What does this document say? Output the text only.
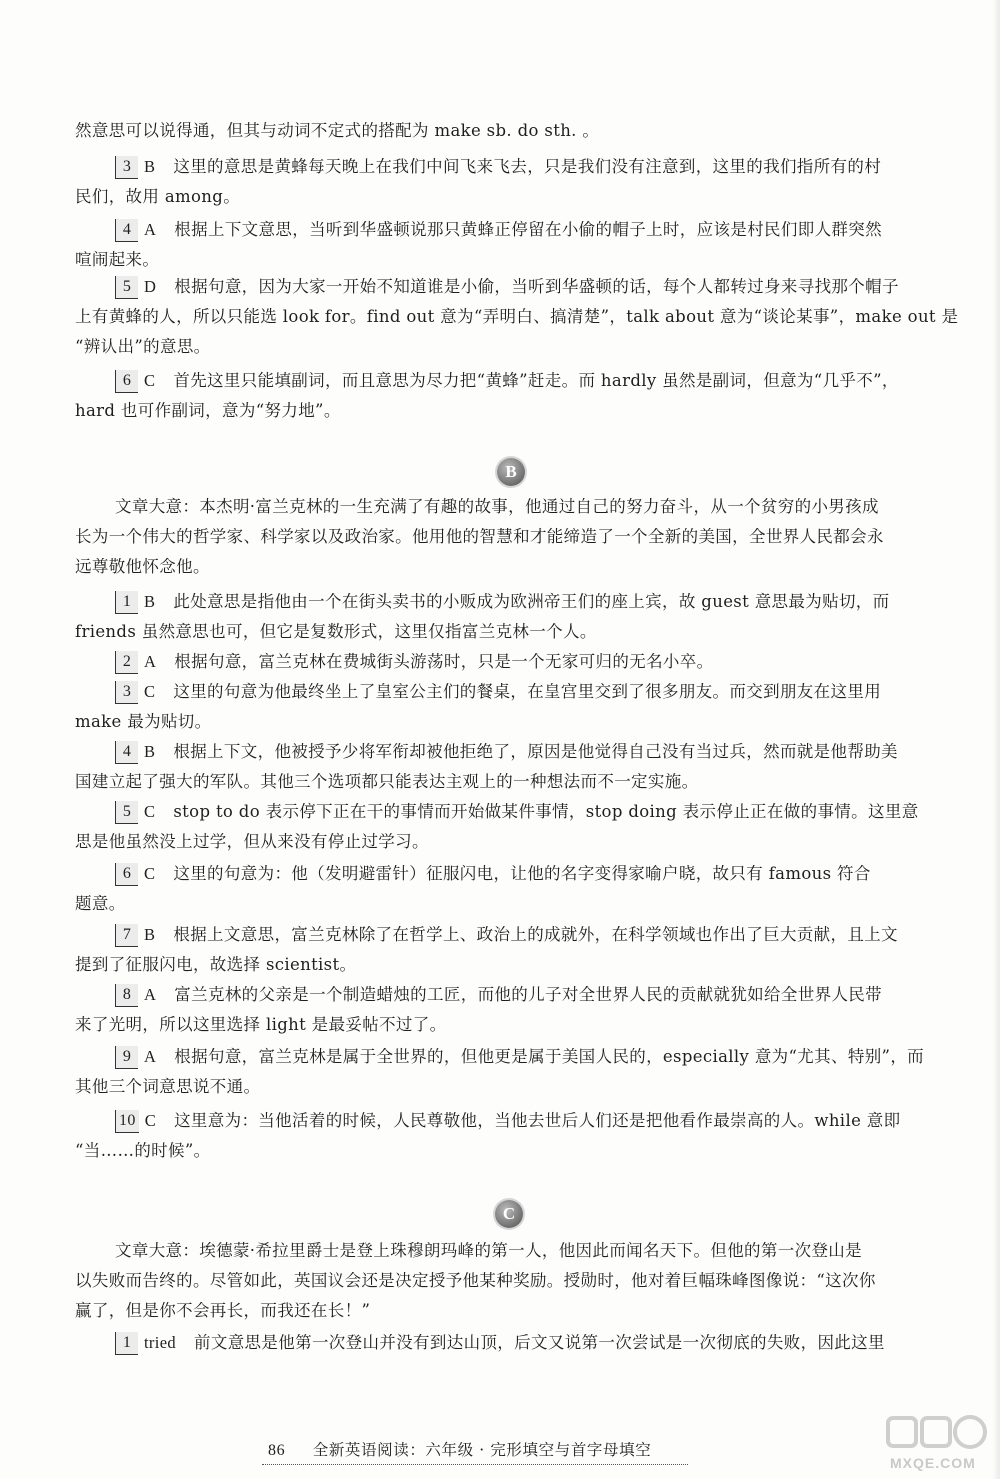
然意思可以说得通，但其与动词不定式的搭配为 make sb. do sth. 。
3 B 这里的意思是黄蜂每天晚上在我们中间飞来飞去，只是我们没有注意到，这里的我们指所有的村
民们，故用 among。
4 A 根据上下文意思，当听到华盛顿说那只黄蜂正停留在小偷的帽子上时，应该是村民们即人群突然
喧闹起来。
5 D 根据句意，因为大家一开始不知道谁是小偷，当听到华盛顿的话，每个人都转过身来寻找那个帽子
上有黄蜂的人，所以只能选 look for。find out 意为“弄明白、搞清楚”，talk about 意为“谈论某事”，make out 是
“辨认出”的意思。
6 C 首先这里只能填副词，而且意思为尽力把“黄蜂”赶走。而 hardly 虽然是副词，但意为“几乎不”，
hard 也可作副词，意为“努力地”。
B
文章大意：本杰明·富兰克林的一生充满了有趣的故事，他通过自己的努力奋斗，从一个贫穷的小男孩成
长为一个伟大的哲学家、科学家以及政治家。他用他的智慧和才能缔造了一个全新的美国，全世界人民都会永
远尊敬他怀念他。
1 B 此处意思是指他由一个在街头卖书的小贩成为欧洲帝王们的座上宾，故 guest 意思最为贴切，而
friends 虽然意思也可，但它是复数形式，这里仅指富兰克林一个人。
2 A 根据句意，富兰克林在费城街头游荡时，只是一个无家可归的无名小卒。
3 C 这里的句意为他最终坐上了皇室公主们的餐桌，在皇宫里交到了很多朋友。而交到朋友在这里用
make 最为贴切。
4 B 根据上下文，他被授予少将军衔却被他拒绝了，原因是他觉得自己没有当过兵，然而就是他帮助美
国建立起了强大的军队。其他三个选项都只能表达主观上的一种想法而不一定实施。
5 C stop to do 表示停下正在干的事情而开始做某件事情，stop doing 表示停止正在做的事情。这里意
思是他虽然没上过学，但从来没有停止过学习。
6 C 这里的句意为：他（发明避雷针）征服闪电，让他的名字变得家喻户晓，故只有 famous 符合
题意。
7 B 根据上文意思，富兰克林除了在哲学上、政治上的成就外，在科学领域也作出了巨大贡献，且上文
提到了征服闪电，故选择 scientist。
8 A 富兰克林的父亲是一个制造蜡烛的工匠，而他的儿子对全世界人民的贡献就犹如给全世界人民带
来了光明，所以这里选择 light 是最妥帖不过了。
9 A 根据句意，富兰克林是属于全世界的，但他更是属于美国人民的，especially 意为“尤其、特别”，而
其他三个词意思说不通。
10 C 这里意为：当他活着的时候，人民尊敬他，当他去世后人们还是把他看作最崇高的人。while 意即
“当……的时候”。
C
文章大意：埃德蒙·希拉里爵士是登上珠穆朗玛峰的第一人，他因此而闻名天下。但他的第一次登山是
以失败而告终的。尽管如此，英国议会还是决定授予他某种奖励。授勋时，他对着巨幅珠峰图像说：“这次你
赢了，但是你不会再长，而我还在长！”
1 tried 前文意思是他第一次登山并没有到达山顶，后文又说第一次尝试是一次彻底的失败，因此这里
86 全新英语阅读：六年级 · 完形填空与首字母填空
MXQE.COM
